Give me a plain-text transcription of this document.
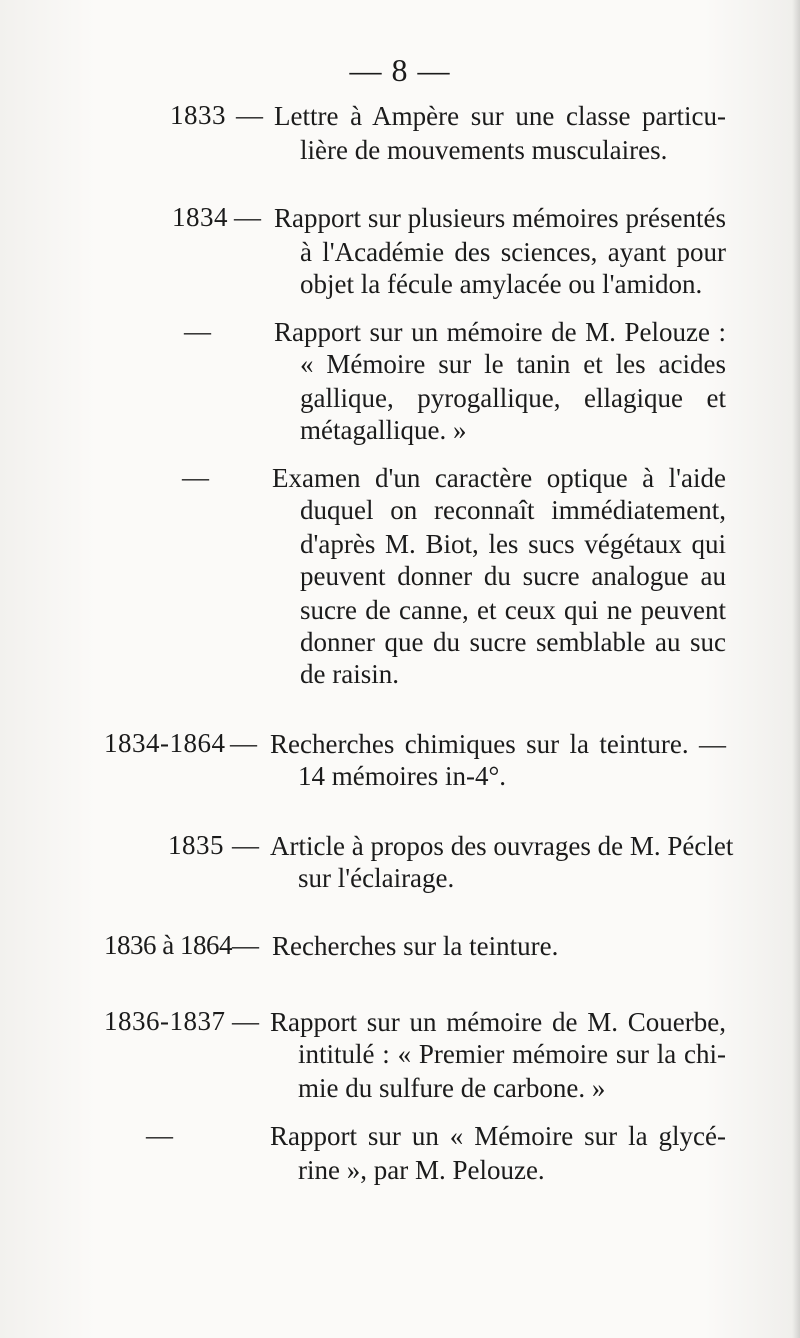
— 8 —
1833 — Lettre à Ampère sur une classe particu-
lière de mouvements musculaires.
1834 — Rapport sur plusieurs mémoires présentés
à l'Académie des sciences, ayant pour
objet la fécule amylacée ou l'amidon.
— Rapport sur un mémoire de M. Pelouze :
« Mémoire sur le tanin et les acides
gallique, pyrogallique, ellagique et
métagallique. »
— Examen d'un caractère optique à l'aide
duquel on reconnaît immédiatement,
d'après M. Biot, les sucs végétaux qui
peuvent donner du sucre analogue au
sucre de canne, et ceux qui ne peuvent
donner que du sucre semblable au suc
de raisin.
1834-1864 — Recherches chimiques sur la teinture. —
14 mémoires in-4°.
1835 — Article à propos des ouvrages de M. Péclet
sur l'éclairage.
1836 à 1864 — Recherches sur la teinture.
1836-1837 — Rapport sur un mémoire de M. Couerbe,
intitulé : « Premier mémoire sur la chi-
mie du sulfure de carbone. »
—	Rapport sur un « Mémoire sur la glycé-
rine », par M. Pelouze.
